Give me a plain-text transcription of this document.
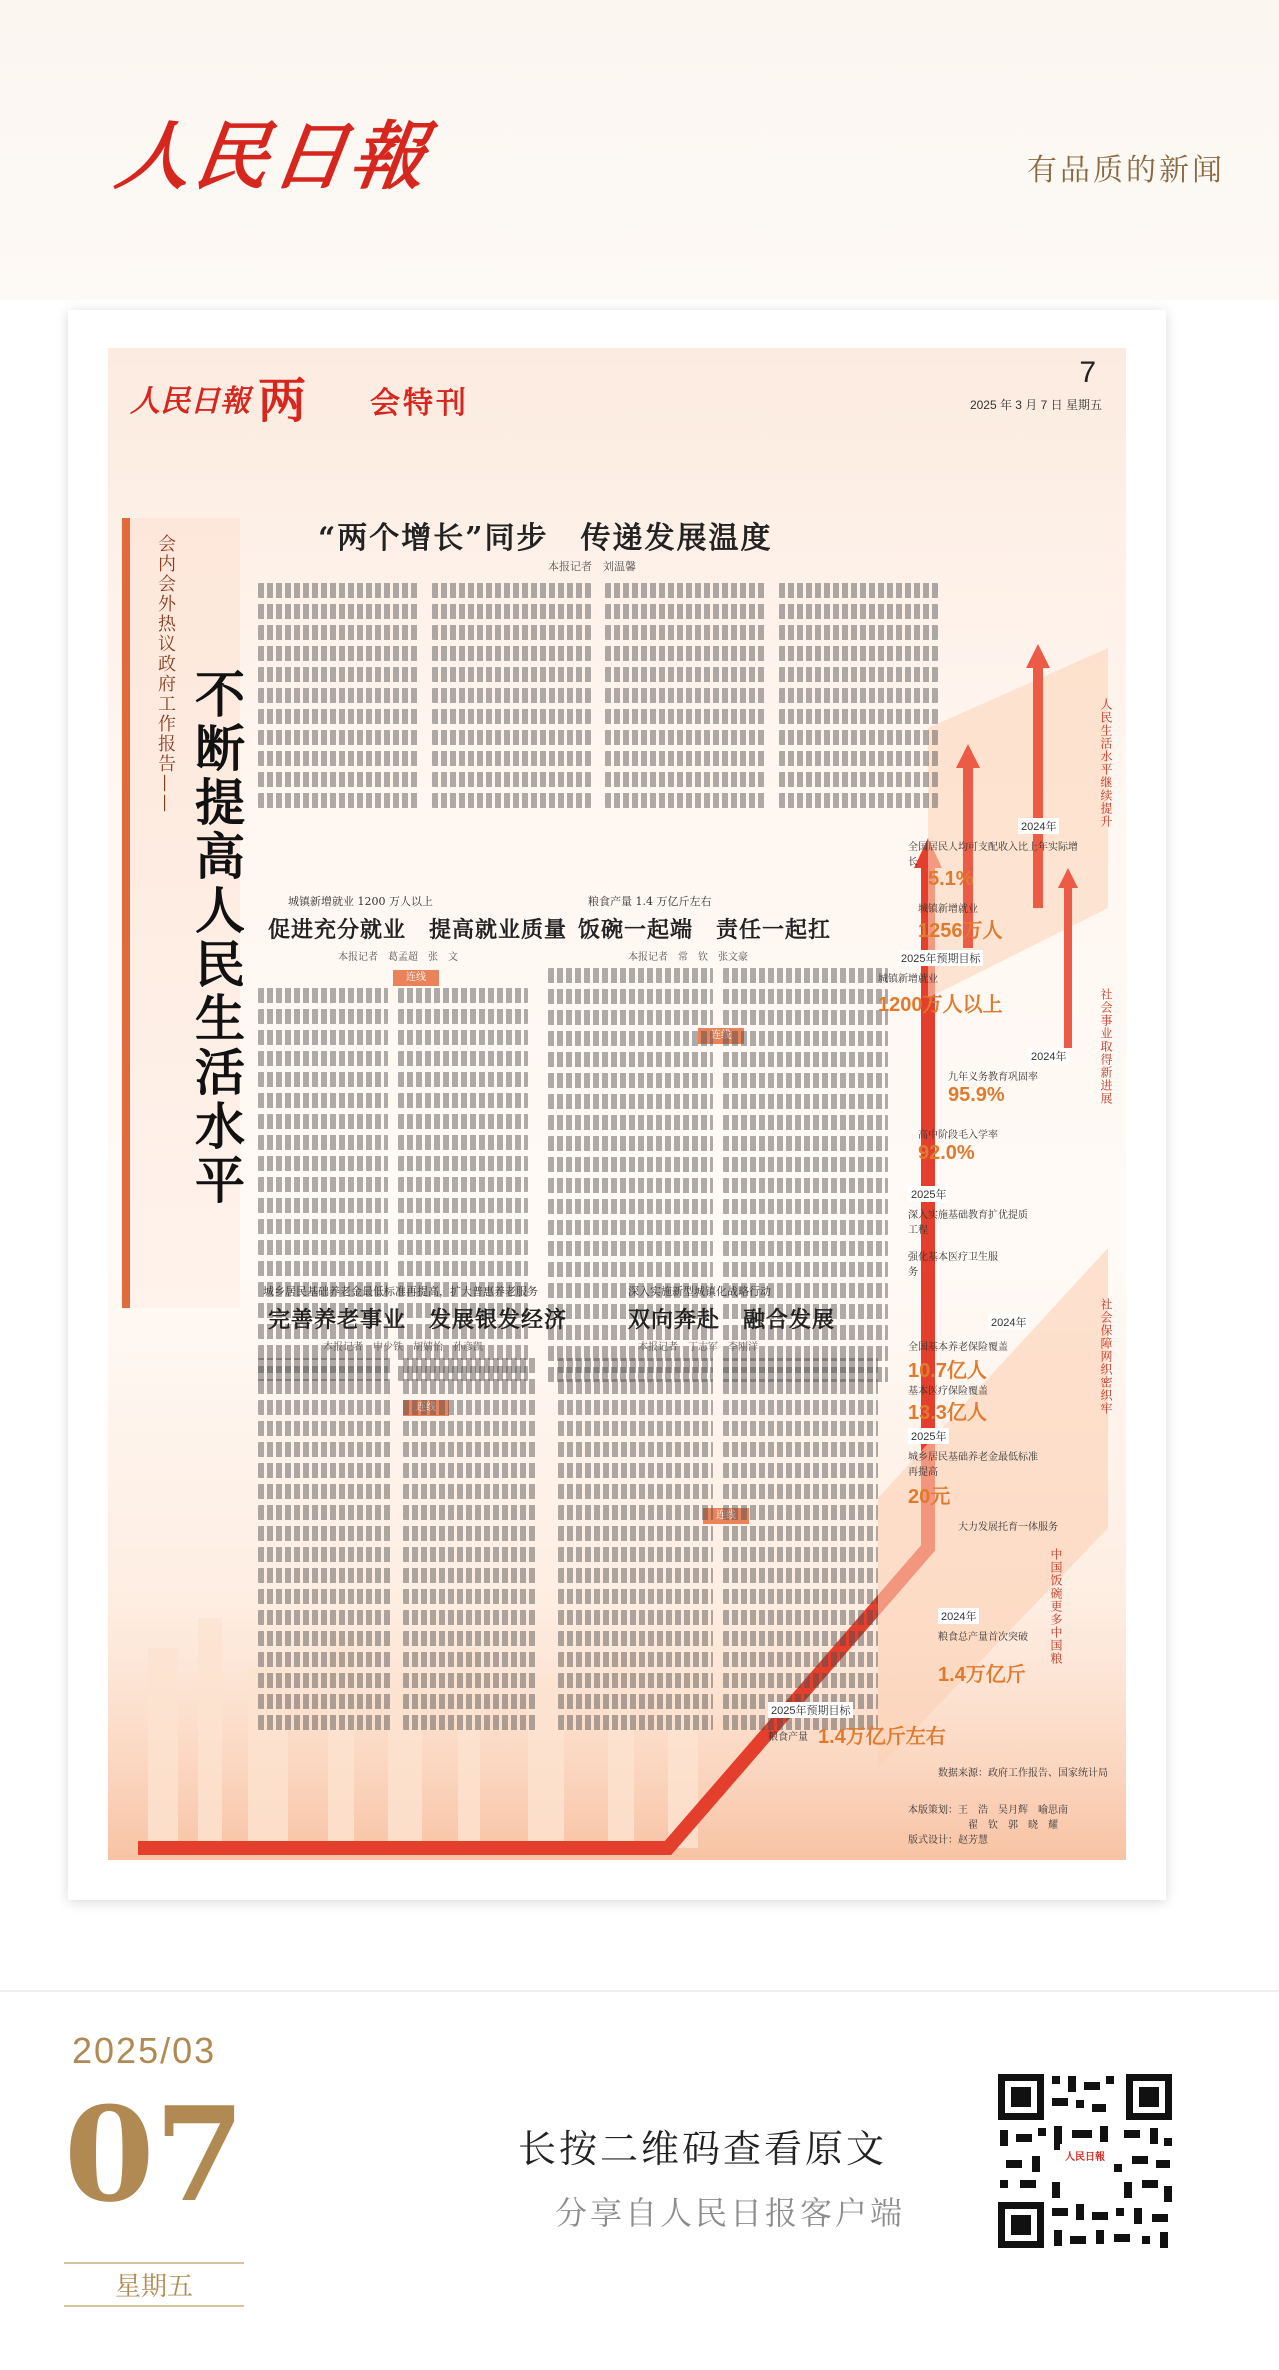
人民日報	有品质的新闻
人民日報 两 会特刊
7
2025 年 3 月 7 日 星期五
会内会外热议政府工作报告—— 不断提高人民生活水平
“两个增长”同步　传递发展温度
本报记者　刘温馨
城镇新增就业 1200 万人以上
促进充分就业　提高就业质量
本报记者　葛孟超　张　文
连线
粮食产量 1.4 万亿斤左右
饭碗一起端　责任一起扛
本报记者　常　钦　张文豪
连线
城乡居民基础养老金最低标准再提高，扩大普惠养老服务
完善养老事业　发展银发经济
本报记者　申少铁　胡婧怡　孙彦凯
连线
深入实施新型城镇化战略行动
双向奔赴　融合发展
本报记者　丁志军　李刚洋
连线
人民生活水平继续提升
社会事业取得新进展
社会保障网织密织牢
中国饭碗更多中国粮
2024年
全国居民人均可支配收入比上年实际增长
5.1%
城镇新增就业
1256万人
2025年预期目标
城镇新增就业
1200万人以上
2024年
九年义务教育巩固率
95.9%
高中阶段毛入学率
92.0%
2025年
深入实施基础教育扩优提质工程
强化基本医疗卫生服务
2024年
全国基本养老保险覆盖
10.7亿人
基本医疗保险覆盖
13.3亿人
2025年
城乡居民基础养老金最低标准再提高
20元
大力发展托育一体服务
2024年
粮食总产量首次突破
1.4万亿斤
2025年预期目标
粮食产量 1.4万亿斤左右
数据来源：政府工作报告、国家统计局
本版策划：王　浩　吴月辉　喻思南
　　　　　　翟　钦　郭　晓　耀
版式设计：赵芳慧
2025/03
07
星期五
长按二维码查看原文
分享自人民日报客户端
人民日報
